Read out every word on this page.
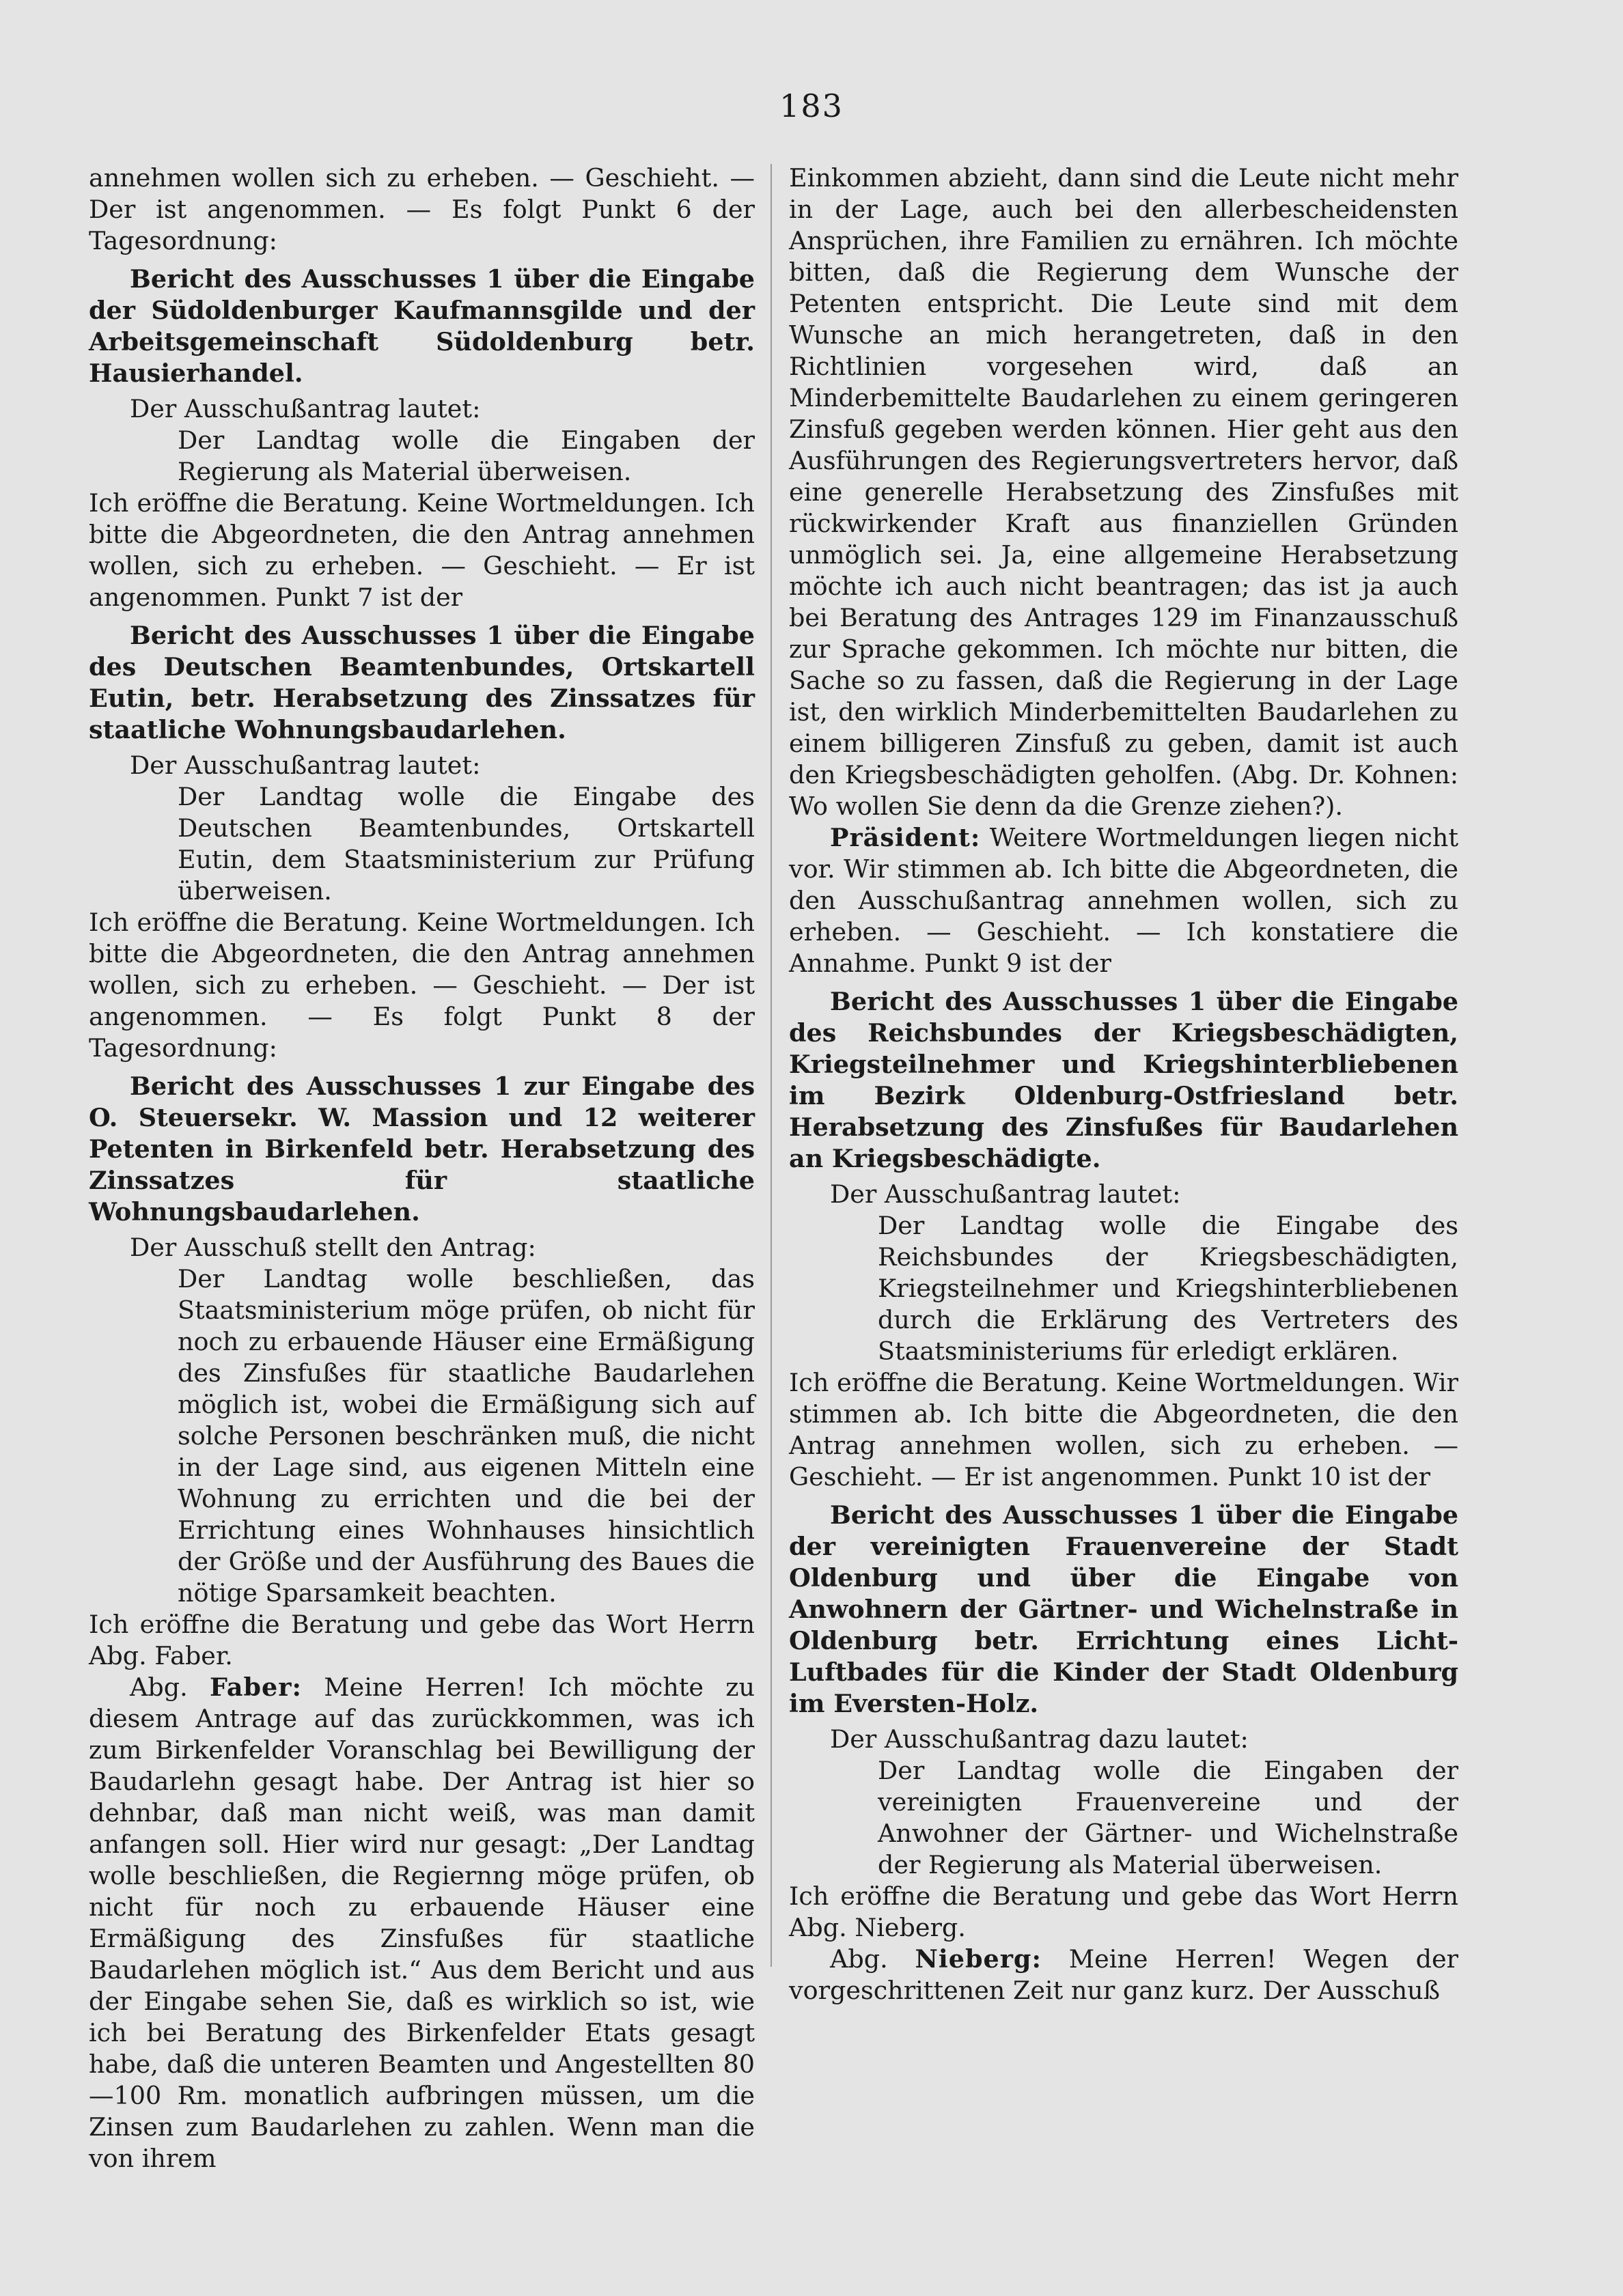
183

annehmen wollen sich zu erheben. — Geschieht. — Der ist angenommen. — Es folgt Punkt 6 der Tagesordnung:

Bericht des Ausschusses 1 über die Eingabe der Südoldenburger Kaufmannsgilde und der Arbeitsgemeinschaft Südoldenburg betr. Hausierhandel.

Der Ausschußantrag lautet:

Der Landtag wolle die Eingaben der Regierung als Material überweisen.

Ich eröffne die Beratung. Keine Wortmeldungen. Ich bitte die Abgeordneten, die den Antrag annehmen wollen, sich zu erheben. — Geschieht. — Er ist angenommen. Punkt 7 ist der

Bericht des Ausschusses 1 über die Eingabe des Deutschen Beamtenbundes, Ortskartell Eutin, betr. Herabsetzung des Zinssatzes für staatliche Wohnungsbaudarlehen.

Der Ausschußantrag lautet:

Der Landtag wolle die Eingabe des Deutschen Beamtenbundes, Ortskartell Eutin, dem Staatsministerium zur Prüfung überweisen.

Ich eröffne die Beratung. Keine Wortmeldungen. Ich bitte die Abgeordneten, die den Antrag annehmen wollen, sich zu erheben. — Geschieht. — Der ist angenommen. — Es folgt Punkt 8 der Tagesordnung:

Bericht des Ausschusses 1 zur Eingabe des O. Steuersekr. W. Massion und 12 weiterer Petenten in Birkenfeld betr. Herabsetzung des Zinssatzes für staatliche Wohnungsbaudarlehen.

Der Ausschuß stellt den Antrag:

Der Landtag wolle beschließen, das Staatsministerium möge prüfen, ob nicht für noch zu erbauende Häuser eine Ermäßigung des Zinsfußes für staatliche Baudarlehen möglich ist, wobei die Ermäßigung sich auf solche Personen beschränken muß, die nicht in der Lage sind, aus eigenen Mitteln eine Wohnung zu errichten und die bei der Errichtung eines Wohnhauses hinsichtlich der Größe und der Ausführung des Baues die nötige Sparsamkeit beachten.

Ich eröffne die Beratung und gebe das Wort Herrn Abg. Faber.

Abg. Faber: Meine Herren! Ich möchte zu diesem Antrage auf das zurückkommen, was ich zum Birkenfelder Voranschlag bei Bewilligung der Baudarlehn gesagt habe. Der Antrag ist hier so dehnbar, daß man nicht weiß, was man damit anfangen soll. Hier wird nur gesagt: „Der Landtag wolle beschließen, die Regiernng möge prüfen, ob nicht für noch zu erbauende Häuser eine Ermäßigung des Zinsfußes für staatliche Baudarlehen möglich ist.“ Aus dem Bericht und aus der Eingabe sehen Sie, daß es wirklich so ist, wie ich bei Beratung des Birkenfelder Etats gesagt habe, daß die unteren Beamten und Angestellten 80—100 Rm. monatlich aufbringen müssen, um die Zinsen zum Baudarlehen zu zahlen. Wenn man die von ihrem

Einkommen abzieht, dann sind die Leute nicht mehr in der Lage, auch bei den allerbescheidensten Ansprüchen, ihre Familien zu ernähren. Ich möchte bitten, daß die Regierung dem Wunsche der Petenten entspricht. Die Leute sind mit dem Wunsche an mich herangetreten, daß in den Richtlinien vorgesehen wird, daß an Minderbemittelte Baudarlehen zu einem geringeren Zinsfuß gegeben werden können. Hier geht aus den Ausführungen des Regierungsvertreters hervor, daß eine generelle Herabsetzung des Zinsfußes mit rückwirkender Kraft aus finanziellen Gründen unmöglich sei. Ja, eine allgemeine Herabsetzung möchte ich auch nicht beantragen; das ist ja auch bei Beratung des Antrages 129 im Finanzausschuß zur Sprache gekommen. Ich möchte nur bitten, die Sache so zu fassen, daß die Regierung in der Lage ist, den wirklich Minderbemittelten Baudarlehen zu einem billigeren Zinsfuß zu geben, damit ist auch den Kriegsbeschädigten geholfen. (Abg. Dr. Kohnen: Wo wollen Sie denn da die Grenze ziehen?).

Präsident: Weitere Wortmeldungen liegen nicht vor. Wir stimmen ab. Ich bitte die Abgeordneten, die den Ausschußantrag annehmen wollen, sich zu erheben. — Geschieht. — Ich konstatiere die Annahme. Punkt 9 ist der

Bericht des Ausschusses 1 über die Eingabe des Reichsbundes der Kriegsbeschädigten, Kriegsteilnehmer und Kriegshinterbliebenen im Bezirk Oldenburg-Ostfriesland betr. Herabsetzung des Zinsfußes für Baudarlehen an Kriegsbeschädigte.

Der Ausschußantrag lautet:

Der Landtag wolle die Eingabe des Reichsbundes der Kriegsbeschädigten, Kriegsteilnehmer und Kriegshinterbliebenen durch die Erklärung des Vertreters des Staatsministeriums für erledigt erklären.

Ich eröffne die Beratung. Keine Wortmeldungen. Wir stimmen ab. Ich bitte die Abgeordneten, die den Antrag annehmen wollen, sich zu erheben. — Geschieht. — Er ist angenommen. Punkt 10 ist der

Bericht des Ausschusses 1 über die Eingabe der vereinigten Frauenvereine der Stadt Oldenburg und über die Eingabe von Anwohnern der Gärtner- und Wichelnstraße in Oldenburg betr. Errichtung eines Licht-Luftbades für die Kinder der Stadt Oldenburg im Eversten-Holz.

Der Ausschußantrag dazu lautet:

Der Landtag wolle die Eingaben der vereinigten Frauenvereine und der Anwohner der Gärtner- und Wichelnstraße der Regierung als Material überweisen.

Ich eröffne die Beratung und gebe das Wort Herrn Abg. Nieberg.

Abg. Nieberg: Meine Herren! Wegen der vorgeschrittenen Zeit nur ganz kurz. Der Ausschuß
